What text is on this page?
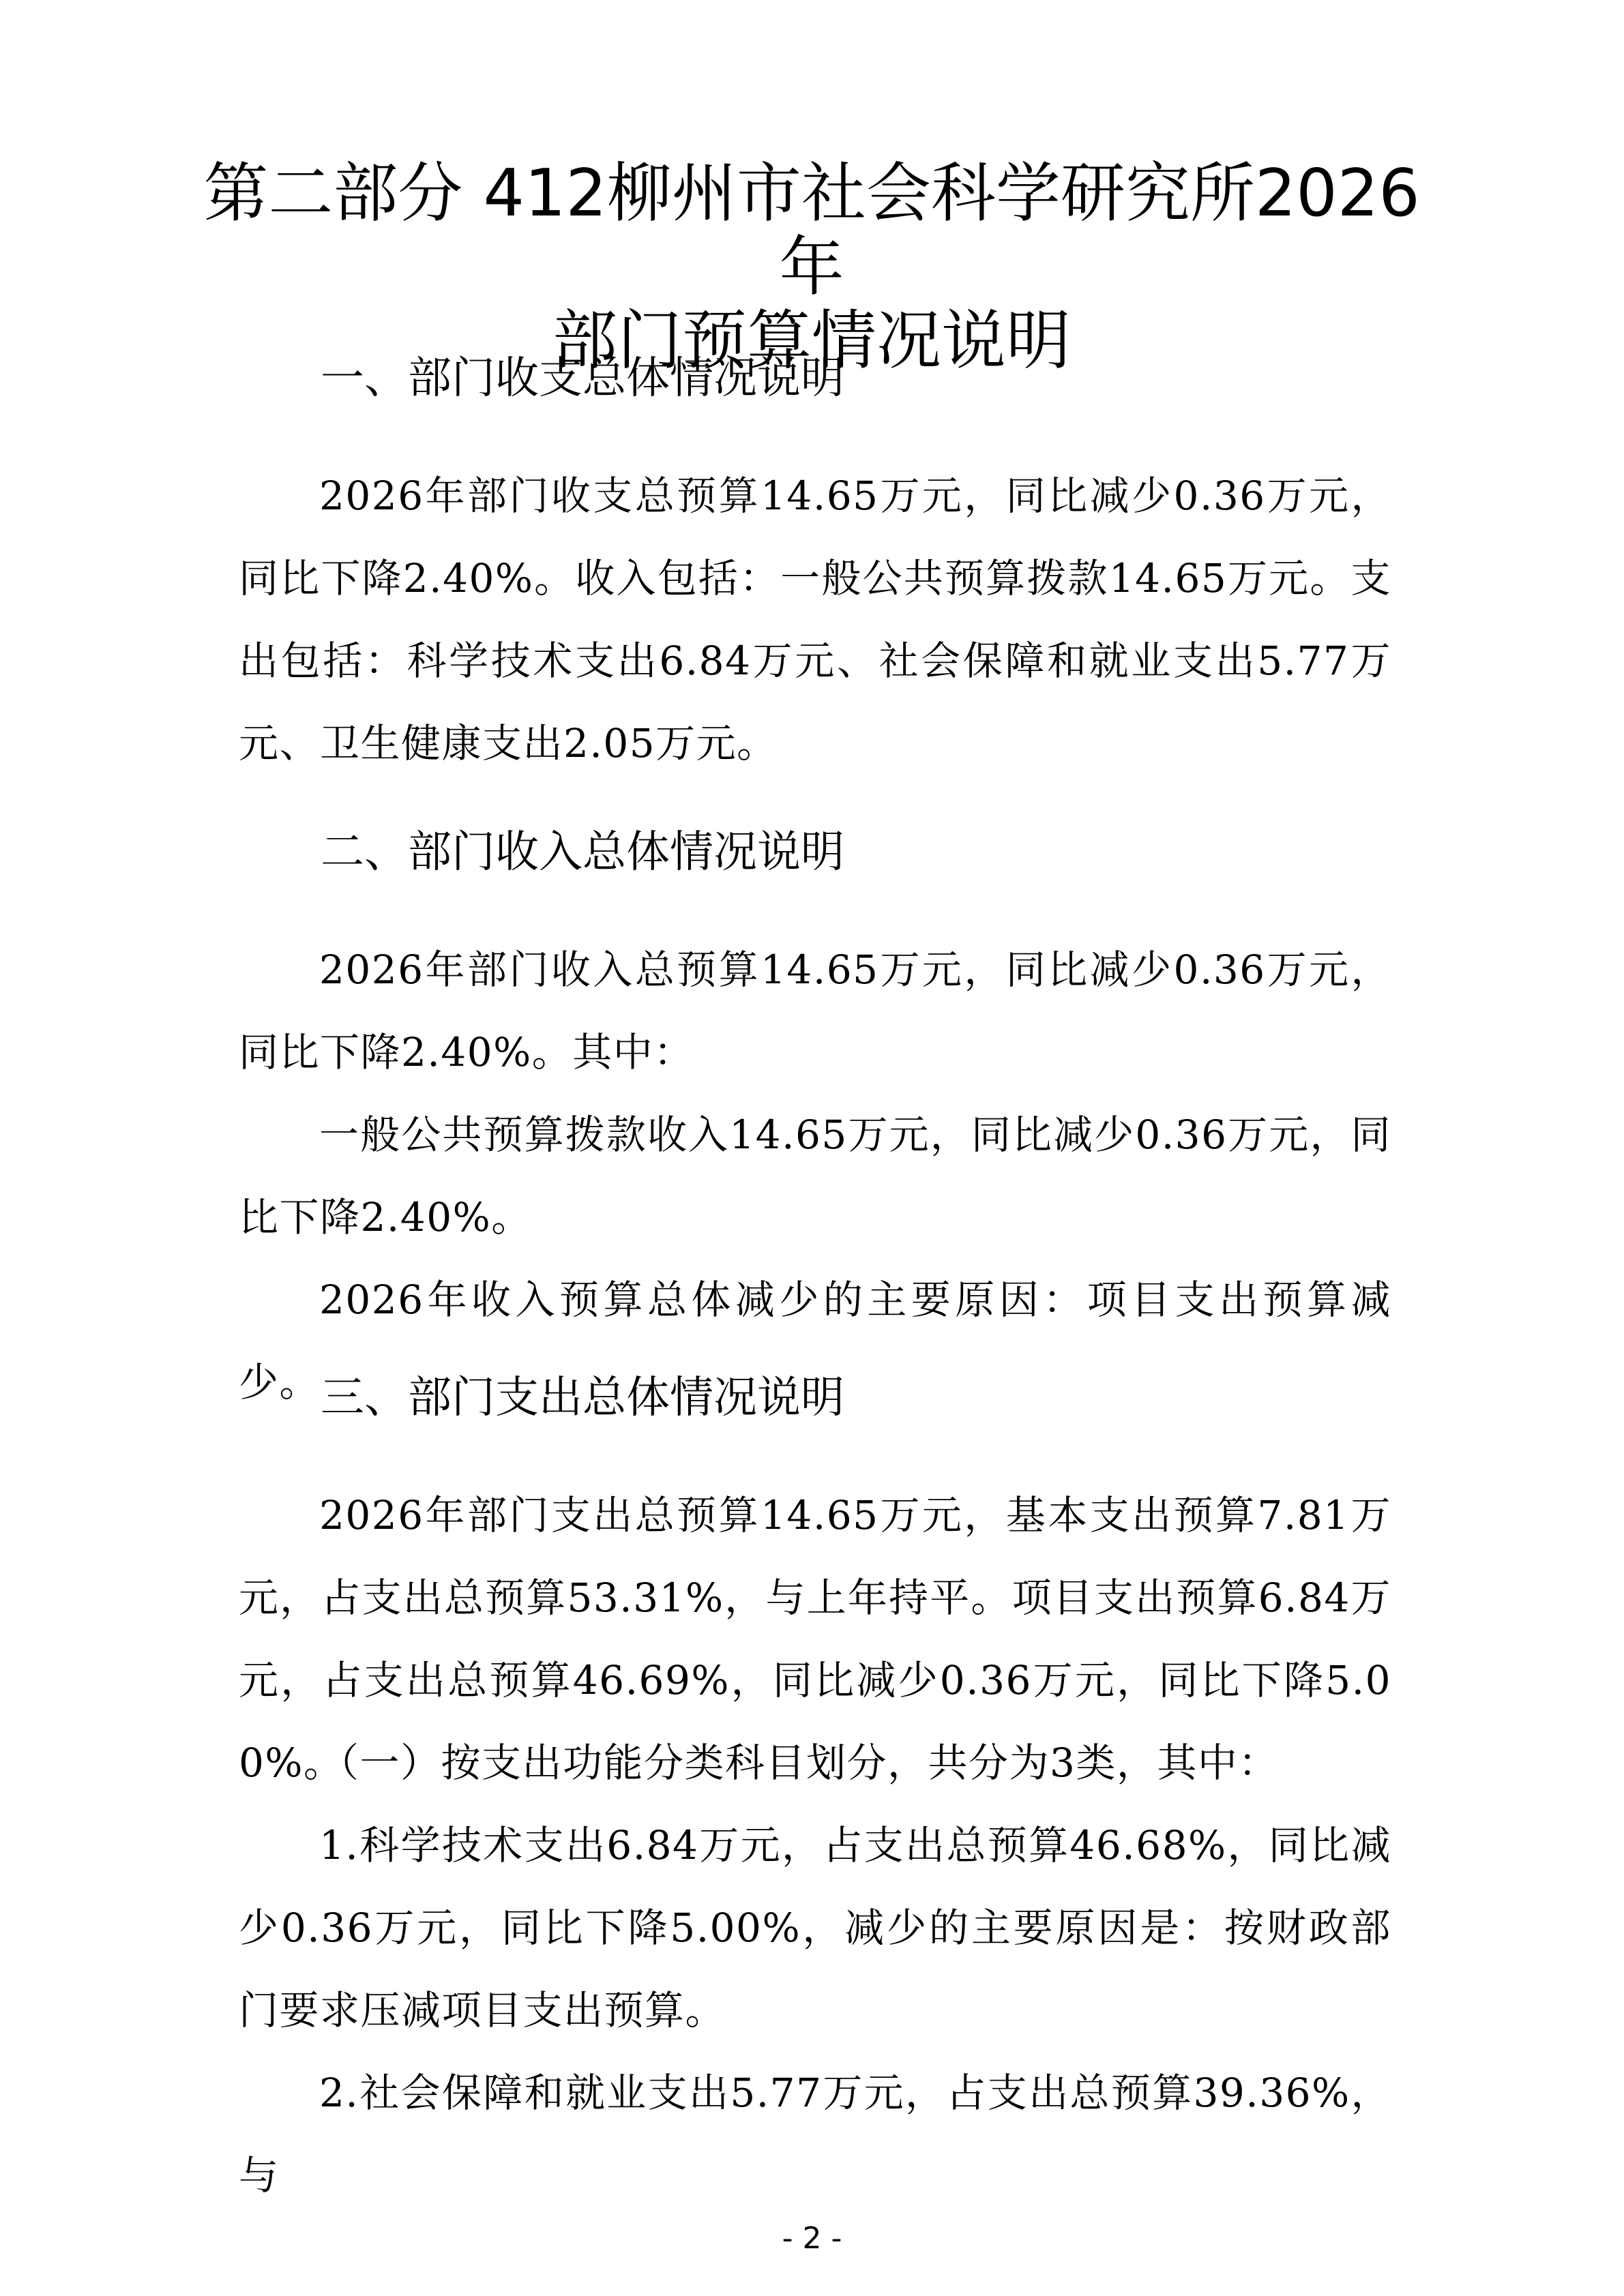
第二部分 412柳州市社会科学研究所2026年
部门预算情况说明
一、部门收支总体情况说明

2026年部门收支总预算14.65万元，同比减少0.36万元，同比下降2.40%。收入包括：一般公共预算拨款14.65万元。支出包括：科学技术支出6.84万元、社会保障和就业支出5.77万元、卫生健康支出2.05万元。

二、部门收入总体情况说明

2026年部门收入总预算14.65万元，同比减少0.36万元，同比下降2.40%。其中：

一般公共预算拨款收入14.65万元，同比减少0.36万元，同比下降2.40%。

2026年收入预算总体减少的主要原因：项目支出预算减少。 三、部门支出总体情况说明

2026年部门支出总预算14.65万元，基本支出预算7.81万元，占支出总预算53.31%，与上年持平。项目支出预算6.84万元，占支出总预算46.69%，同比减少0.36万元，同比下降5.00%。

（一）按支出功能分类科目划分，共分为3类，其中：

1.科学技术支出6.84万元，占支出总预算46.68%，同比减少0.36万元，同比下降5.00%，减少的主要原因是：按财政部门要求压减项目支出预算。

2.社会保障和就业支出5.77万元，占支出总预算39.36%，与

- 2 -
